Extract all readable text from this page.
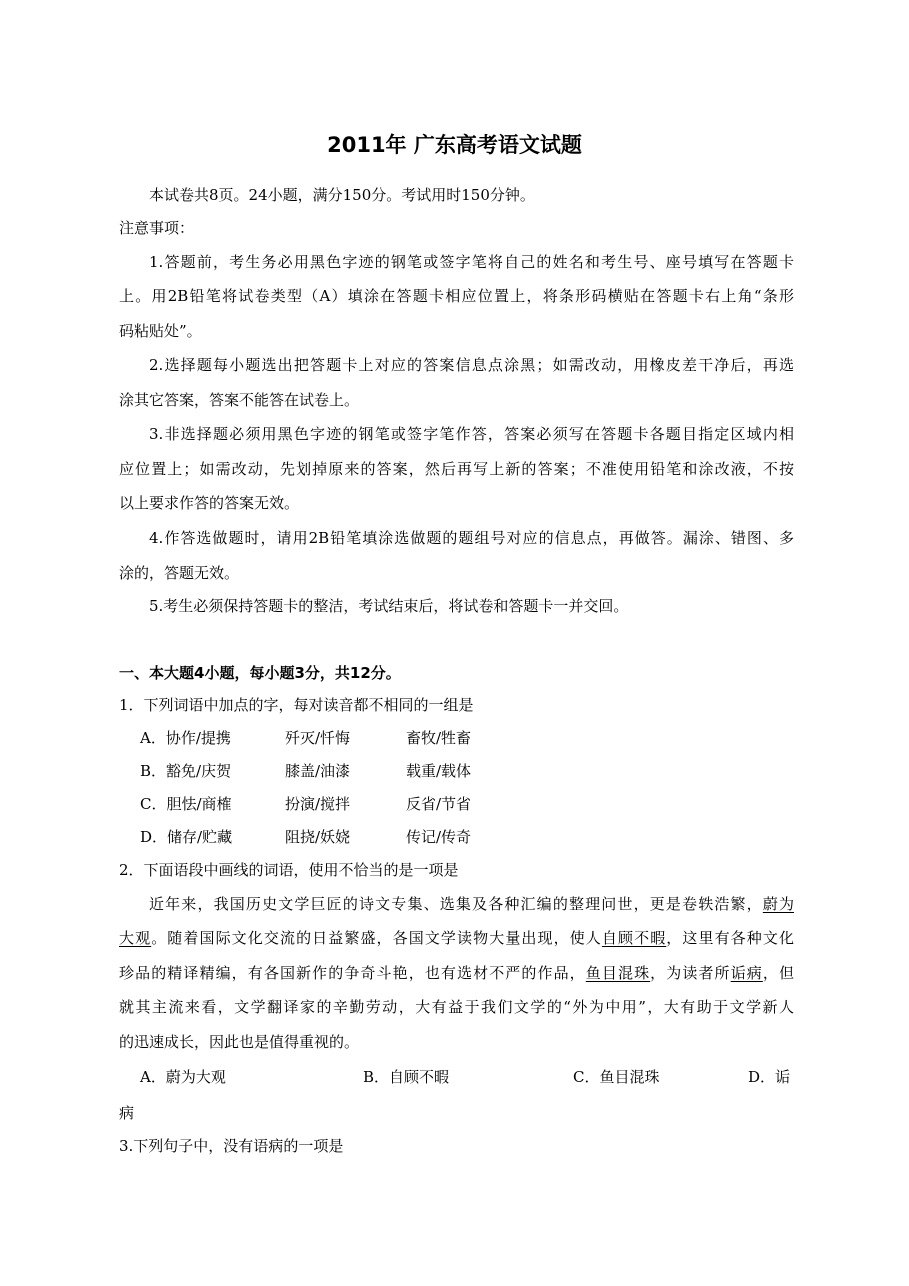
2011年 广东高考语文试题
本试卷共8页。24小题，满分150分。考试用时150分钟。
注意事项：
1.答题前，考生务必用黑色字迹的钢笔或签字笔将自己的姓名和考生号、座号填写在答题卡
上。用2B铅笔将试卷类型（A）填涂在答题卡相应位置上，将条形码横贴在答题卡右上角“条形
码粘贴处”。
2.选择题每小题选出把答题卡上对应的答案信息点涂黑；如需改动，用橡皮差干净后，再选
涂其它答案，答案不能答在试卷上。
3.非选择题必须用黑色字迹的钢笔或签字笔作答，答案必须写在答题卡各题目指定区域内相
应位置上；如需改动，先划掉原来的答案，然后再写上新的答案；不准使用铅笔和涂改液，不按
以上要求作答的答案无效。
4.作答选做题时，请用2B铅笔填涂选做题的题组号对应的信息点，再做答。漏涂、错图、多
涂的，答题无效。
5.考生必须保持答题卡的整洁，考试结束后，将试卷和答题卡一并交回。
一、本大题4小题，每小题3分，共12分。
1．下列词语中加点的字，每对读音都不相同的一组是
A．协作/提携	歼灭/忏悔	畜牧/牲畜
B．豁免/庆贺	膝盖/油漆	载重/载体
C．胆怯/商榷	扮演/搅拌	反省/节省
D．储存/贮藏	阻挠/妖娆	传记/传奇
2．下面语段中画线的词语，使用不恰当的是一项是
近年来，我国历史文学巨匠的诗文专集、选集及各种汇编的整理问世，更是卷轶浩繁，蔚为
大观。随着国际文化交流的日益繁盛，各国文学读物大量出现，使人自顾不暇，这里有各种文化
珍品的精译精编，有各国新作的争奇斗艳，也有选材不严的作品，鱼目混珠，为读者所诟病，但
就其主流来看，文学翻译家的辛勤劳动，大有益于我们文学的“外为中用”，大有助于文学新人
的迅速成长，因此也是值得重视的。
A．蔚为大观	B．自顾不暇	C．鱼目混珠	D．诟
病
3.下列句子中，没有语病的一项是
